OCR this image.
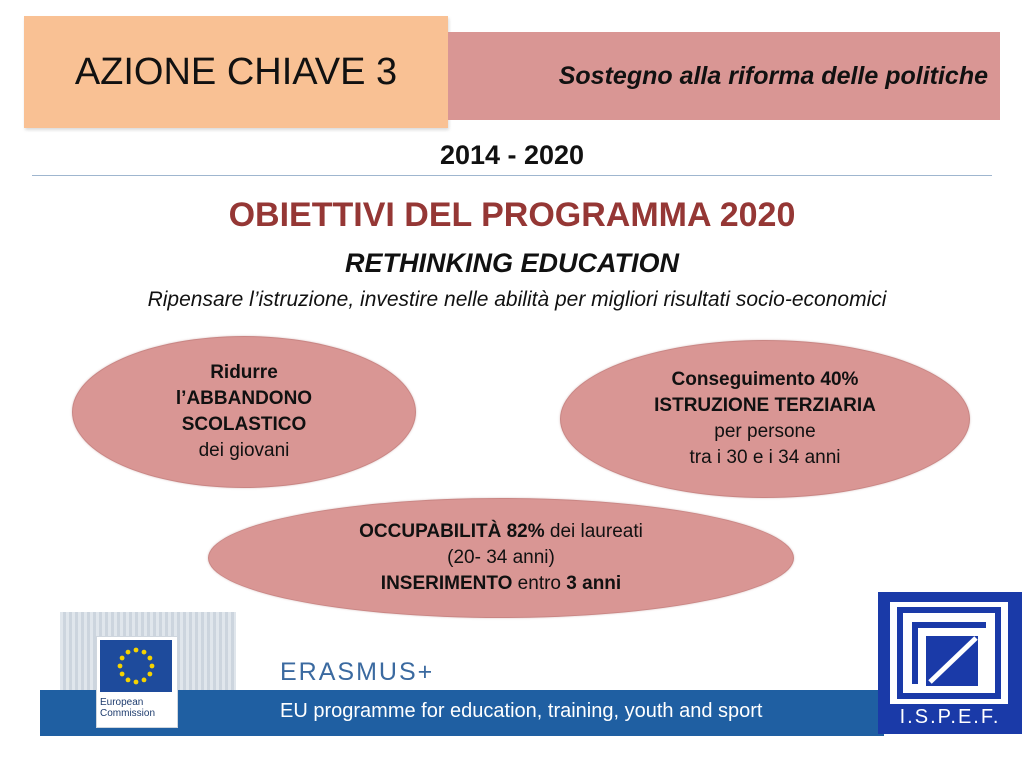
AZIONE CHIAVE 3	Sostegno alla riforma delle politiche
2014 - 2020
OBIETTIVI DEL PROGRAMMA 2020
RETHINKING EDUCATION
Ripensare l’istruzione, investire nelle abilità per migliori risultati socio-economici
Ridurre
l’ABBANDONO
SCOLASTICO
dei giovani
Conseguimento 40%
ISTRUZIONE TERZIARIA
per persone
tra i 30 e i 34 anni
OCCUPABILITÀ 82% dei laureati
(20- 34 anni)
INSERIMENTO entro 3 anni
European
Commission
ERASMUS+
EU programme for education, training, youth and sport	I.S.P.E.F.
